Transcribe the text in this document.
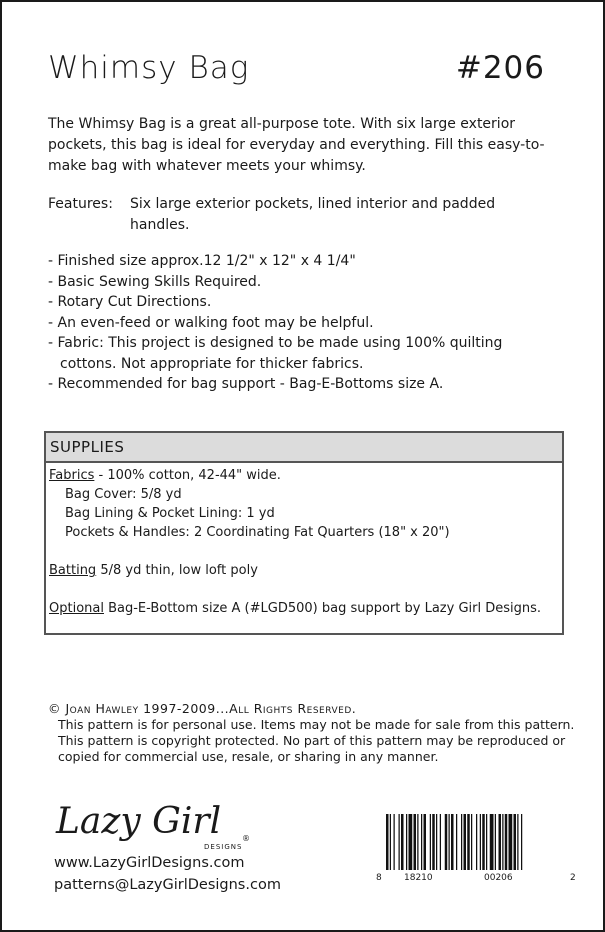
Whimsy Bag	#206
The Whimsy Bag is a great all-purpose tote. With six large exterior pockets, this bag is ideal for everyday and everything. Fill this easy-to-make bag with whatever meets your whimsy.
Features: Six large exterior pockets, lined interior and padded
handles.
- Finished size approx.12 1/2" x 12" x 4 1/4"
- Basic Sewing Skills Required.
- Rotary Cut Directions.
- An even-feed or walking foot may be helpful.
- Fabric: This project is designed to be made using 100% quilting
cottons. Not appropriate for thicker fabrics.
- Recommended for bag support - Bag-E-Bottoms size A.
SUPPLIES
Fabrics - 100% cotton, 42-44" wide.
Bag Cover: 5/8 yd
Bag Lining & Pocket Lining: 1 yd
Pockets & Handles: 2 Coordinating Fat Quarters (18" x 20")
Batting 5/8 yd thin, low loft poly
Optional Bag-E-Bottom size A (#LGD500) bag support by Lazy Girl Designs.
© Joan Hawley 1997-2009...All Rights Reserved.
This pattern is for personal use. Items may not be made for sale from this pattern. This pattern is copyright protected. No part of this pattern may be reproduced or copied for commercial use, resale, or sharing in any manner.
Lazy Girl
DESIGNS
®
www.LazyGirlDesigns.com
patterns@LazyGirlDesigns.com	8 18210	00206	2
